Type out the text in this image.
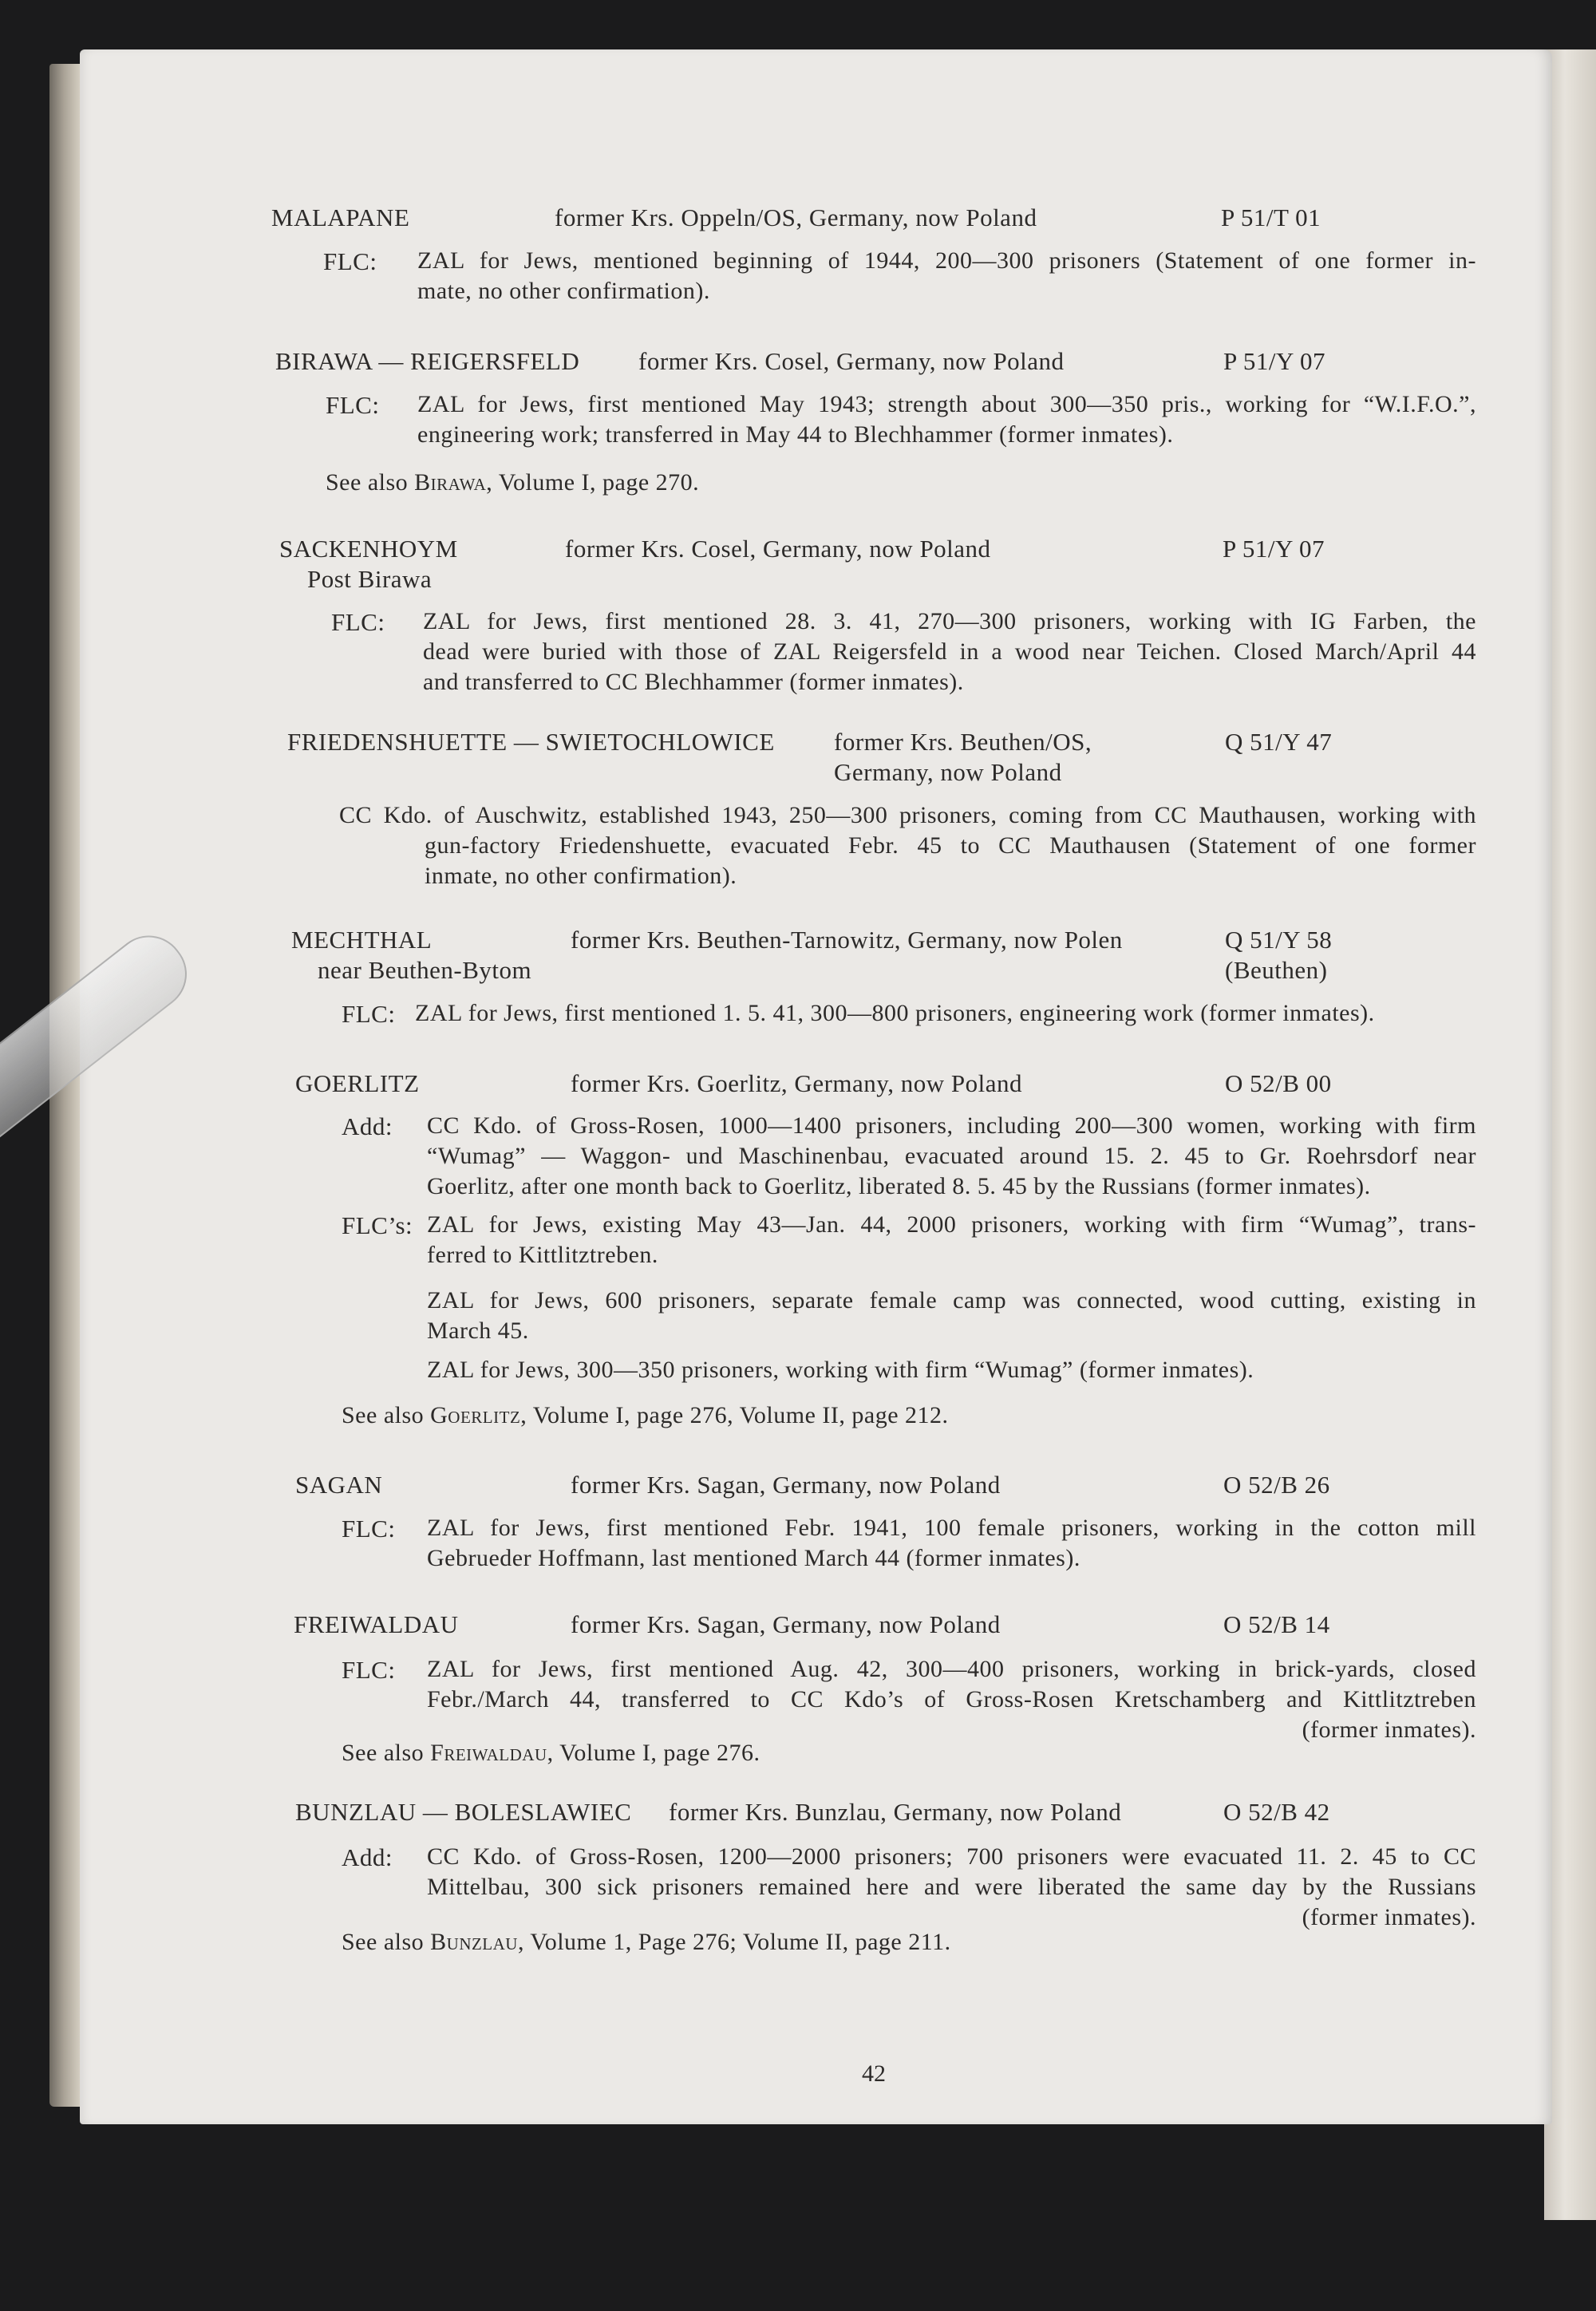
MALAPANE	former Krs. Oppeln/OS, Germany, now Poland	P 51/T 01
FLC: ZAL for Jews, mentioned beginning of 1944, 200—300 prisoners (Statement of one former in-
mate, no other confirmation).
BIRAWA — REIGERSFELD former Krs. Cosel, Germany, now Poland	P 51/Y 07
FLC: ZAL for Jews, first mentioned May 1943; strength about 300—350 pris., working for “W.I.F.O.”,
engineering work; transferred in May 44 to Blechhammer (former inmates).
See also Birawa, Volume I, page 270.
SACKENHOYM	former Krs. Cosel, Germany, now Poland	P 51/Y 07
Post Birawa
FLC: ZAL for Jews, first mentioned 28. 3. 41, 270—300 prisoners, working with IG Farben, the
dead were buried with those of ZAL Reigersfeld in a wood near Teichen. Closed March/April 44
and transferred to CC Blechhammer (former inmates).
FRIEDENSHUETTE — SWIETOCHLOWICE former Krs. Beuthen/OS,	Q 51/Y 47
Germany, now Poland
CC Kdo. of Auschwitz, established 1943, 250—300 prisoners, coming from CC Mauthausen, working with
gun-factory Friedenshuette, evacuated Febr. 45 to CC Mauthausen (Statement of one former
inmate, no other confirmation).
MECHTHAL	former Krs. Beuthen-Tarnowitz, Germany, now Polen	Q 51/Y 58
near Beuthen-Bytom	(Beuthen)
FLC: ZAL for Jews, first mentioned 1. 5. 41, 300—800 prisoners, engineering work (former inmates).
GOERLITZ	former Krs. Goerlitz, Germany, now Poland	O 52/B 00
Add: CC Kdo. of Gross-Rosen, 1000—1400 prisoners, including 200—300 women, working with firm
“Wumag” — Waggon- und Maschinenbau, evacuated around 15. 2. 45 to Gr. Roehrsdorf near
Goerlitz, after one month back to Goerlitz, liberated 8. 5. 45 by the Russians (former inmates).
FLC’s: ZAL for Jews, existing May 43—Jan. 44, 2000 prisoners, working with firm “Wumag”, trans-
ferred to Kittlitztreben.
ZAL for Jews, 600 prisoners, separate female camp was connected, wood cutting, existing in
March 45.
ZAL for Jews, 300—350 prisoners, working with firm “Wumag” (former inmates).
See also Goerlitz, Volume I, page 276, Volume II, page 212.
SAGAN	former Krs. Sagan, Germany, now Poland	O 52/B 26
FLC: ZAL for Jews, first mentioned Febr. 1941, 100 female prisoners, working in the cotton mill
Gebrueder Hoffmann, last mentioned March 44 (former inmates).
FREIWALDAU	former Krs. Sagan, Germany, now Poland	O 52/B 14
FLC: ZAL for Jews, first mentioned Aug. 42, 300—400 prisoners, working in brick-yards, closed
Febr./March 44, transferred to CC Kdo’s of Gross-Rosen Kretschamberg and Kittlitztreben
(former inmates).
See also Freiwaldau, Volume I, page 276.
BUNZLAU — BOLESLAWIEC former Krs. Bunzlau, Germany, now Poland	O 52/B 42
Add: CC Kdo. of Gross-Rosen, 1200—2000 prisoners; 700 prisoners were evacuated 11. 2. 45 to CC
Mittelbau, 300 sick prisoners remained here and were liberated the same day by the Russians
(former inmates).
See also Bunzlau, Volume 1, Page 276; Volume II, page 211.
42
